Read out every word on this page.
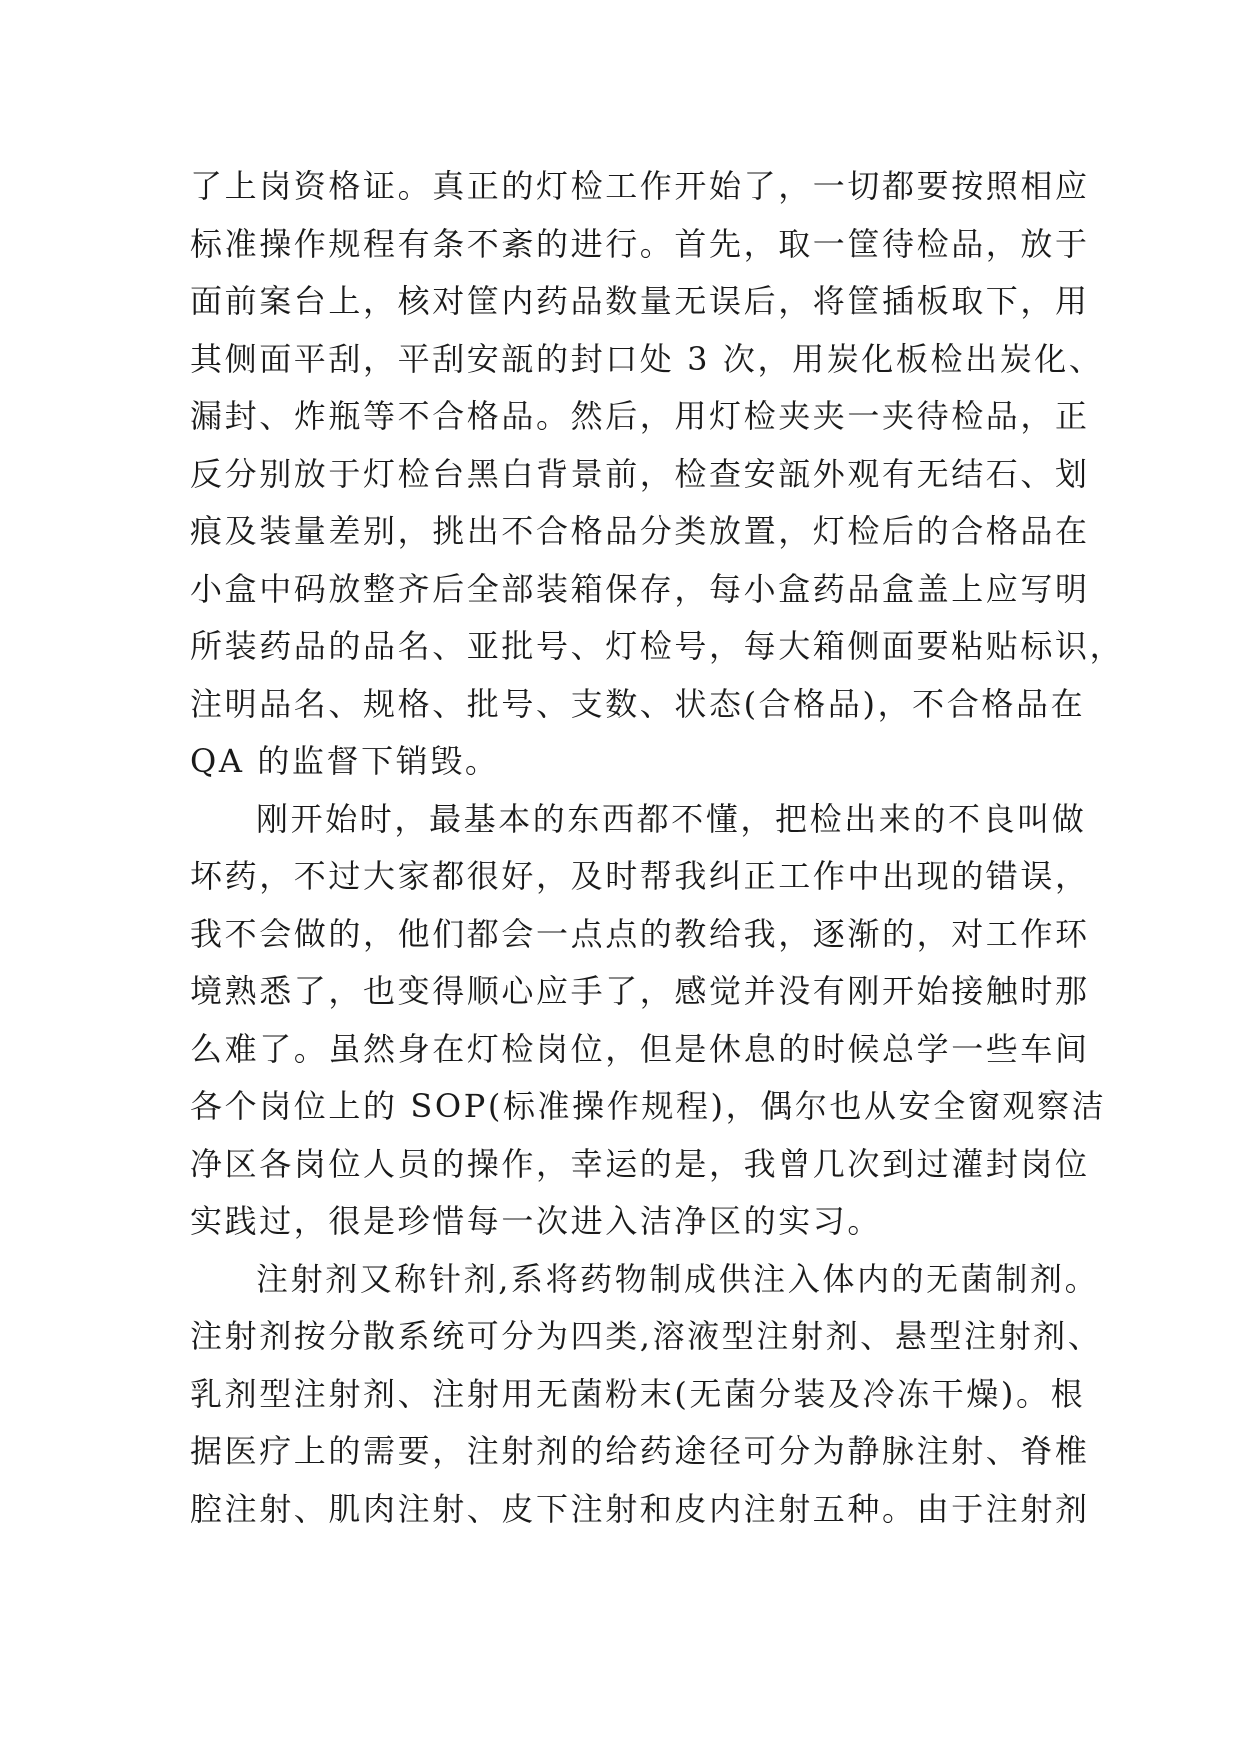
了上岗资格证。真正的灯检工作开始了，一切都要按照相应
标准操作规程有条不紊的进行。首先，取一筐待检品，放于
面前案台上，核对筐内药品数量无误后，将筐插板取下，用
其侧面平刮，平刮安瓿的封口处 3 次，用炭化板检出炭化、
漏封、炸瓶等不合格品。然后，用灯检夹夹一夹待检品，正
反分别放于灯检台黑白背景前，检查安瓿外观有无结石、划
痕及装量差别，挑出不合格品分类放置，灯检后的合格品在
小盒中码放整齐后全部装箱保存，每小盒药品盒盖上应写明
所装药品的品名、亚批号、灯检号，每大箱侧面要粘贴标识，
注明品名、规格、批号、支数、状态(合格品)，不合格品在
QA 的监督下销毁。
刚开始时，最基本的东西都不懂，把检出来的不良叫做
坏药，不过大家都很好，及时帮我纠正工作中出现的错误，
我不会做的，他们都会一点点的教给我，逐渐的，对工作环
境熟悉了，也变得顺心应手了，感觉并没有刚开始接触时那
么难了。虽然身在灯检岗位，但是休息的时候总学一些车间
各个岗位上的 SOP(标准操作规程)，偶尔也从安全窗观察洁
净区各岗位人员的操作，幸运的是，我曾几次到过灌封岗位
实践过，很是珍惜每一次进入洁净区的实习。
注射剂又称针剂,系将药物制成供注入体内的无菌制剂。
注射剂按分散系统可分为四类,溶液型注射剂、悬型注射剂、
乳剂型注射剂、注射用无菌粉末(无菌分装及冷冻干燥)。根
据医疗上的需要，注射剂的给药途径可分为静脉注射、脊椎
腔注射、肌肉注射、皮下注射和皮内注射五种。由于注射剂
